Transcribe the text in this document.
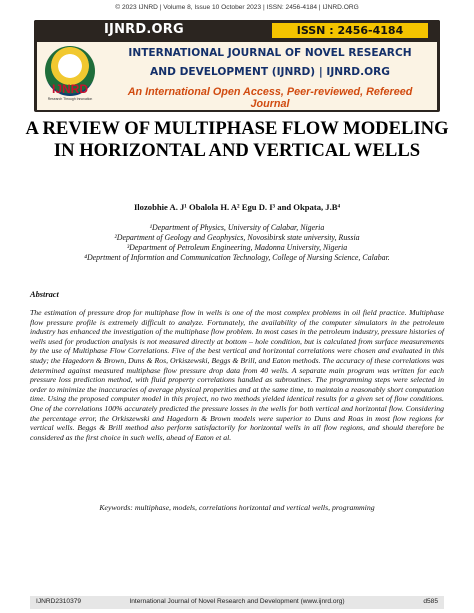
© 2023 IJNRD | Volume 8, Issue 10 October 2023 | ISSN: 2456-4184 | IJNRD.ORG
IJNRD.ORG	ISSN : 2456-4184
IJNRD
Research Through Innovation
INTERNATIONAL JOURNAL OF NOVEL RESEARCH
AND DEVELOPMENT (IJNRD) | IJNRD.ORG
An International Open Access, Peer-reviewed, Refereed Journal
A REVIEW OF MULTIPHASE FLOW MODELING IN HORIZONTAL AND VERTICAL WELLS
Ilozobhie A. J¹ Obalola H. A² Egu D. I³ and Okpata, J.B⁴
¹Department of Physics, University of Calabar, Nigeria
²Department of Geology and Geophysics, Novosibirsk state university, Russia
³Department of Petroleum Engineering, Madonna University, Nigeria
⁴Deprtment of Informtion and Communication Technology, College of Nursing Science, Calabar.
Abstract
The estimation of pressure drop for multiphase flow in wells is one of the most complex problems in oil field practice. Multiphase flow pressure profile is extremely difficult to analyze. Fortunately, the availability of the computer simulators in the petroleum industry has enhanced the investigation of the multiphase flow problem. In most cases in the petroleum industry, pressure histories of wells used for production analysis is not measured directly at bottom – hole condition, but is calculated from surface measurements by the use of Multiphase Flow Correlations. Five of the best vertical and horizontal correlations were chosen and evaluated in this study; the Hagedorn & Brown, Duns & Ros, Orkiszewski, Beggs & Brill, and Eaton methods. The accuracy of these correlations was determined against measured multiphase flow pressure drop data from 40 wells. A separate main program was written for each pressure loss prediction method, with fluid property correlations handled as subroutines. The programming steps were selected in order to minimize the inaccuracies of average physical properities and at the same time, to maintain a reasonably short computation time. Using the proposed computer model in this project, no two methods yielded identical results for a given set of flow conditions. One of the correlations 100% accurately predicted the pressure losses in the wells for both vertical and horizontal flow. Considering the percentage error, the Orkiszewski and Hagedorn & Brown models were superior to Duns and Roas in most flow regions for vertical wells. Beggs & Brill method also perform satisfactorily for horizontal wells in all flow regions, and should therefore be considered as the first choice in such wells, ahead of Eaton et al.
Keywords: multiphase, models, correlations horizontal and vertical wells, programming
IJNRD2310379	International Journal of Novel Research and Development (www.ijnrd.org)	d585
